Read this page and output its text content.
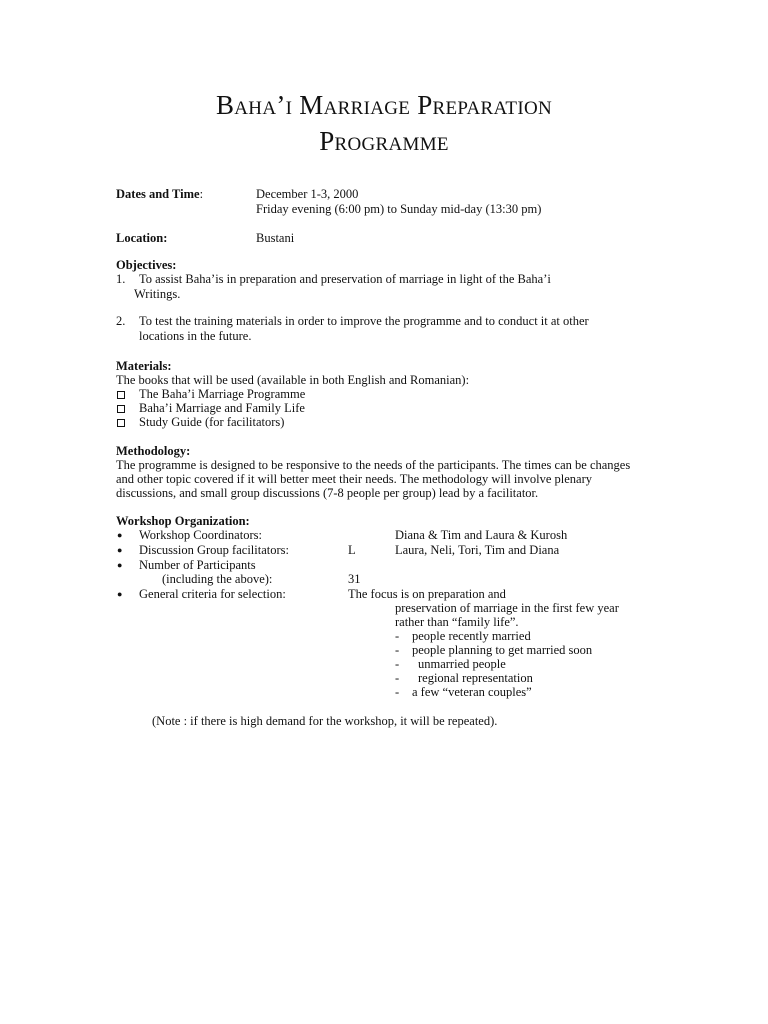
Baha’i Marriage Preparation
Programme
Dates and Time:	December 1-3, 2000
Friday evening (6:00 pm) to Sunday mid-day (13:30 pm)
Location:	Bustani
Objectives:
1. To assist Baha’is in preparation and preservation of marriage in light of the Baha’i
Writings.
2. To test the training materials in order to improve the programme and to conduct it at other
locations in the future.
Materials:
The books that will be used (available in both English and Romanian):
The Baha’i Marriage Programme
Baha’i Marriage and Family Life
Study Guide (for facilitators)
Methodology:
The programme is designed to be responsive to the needs of the participants. The times can be changes
and other topic covered if it will better meet their needs. The methodology will involve plenary
discussions, and small group discussions (7-8 people per group) lead by a facilitator.
Workshop Organization:
● Workshop Coordinators:	Diana & Tim and Laura & Kurosh
● Discussion Group facilitators:	L	Laura, Neli, Tori, Tim and Diana
● Number of Participants
(including the above):	31
● General criteria for selection:	The focus is on preparation and
preservation of marriage in the first few year
rather than “family life”.
- people recently married
- people planning to get married soon
- unmarried people
- regional representation
- a few “veteran couples”
(Note : if there is high demand for the workshop, it will be repeated).
